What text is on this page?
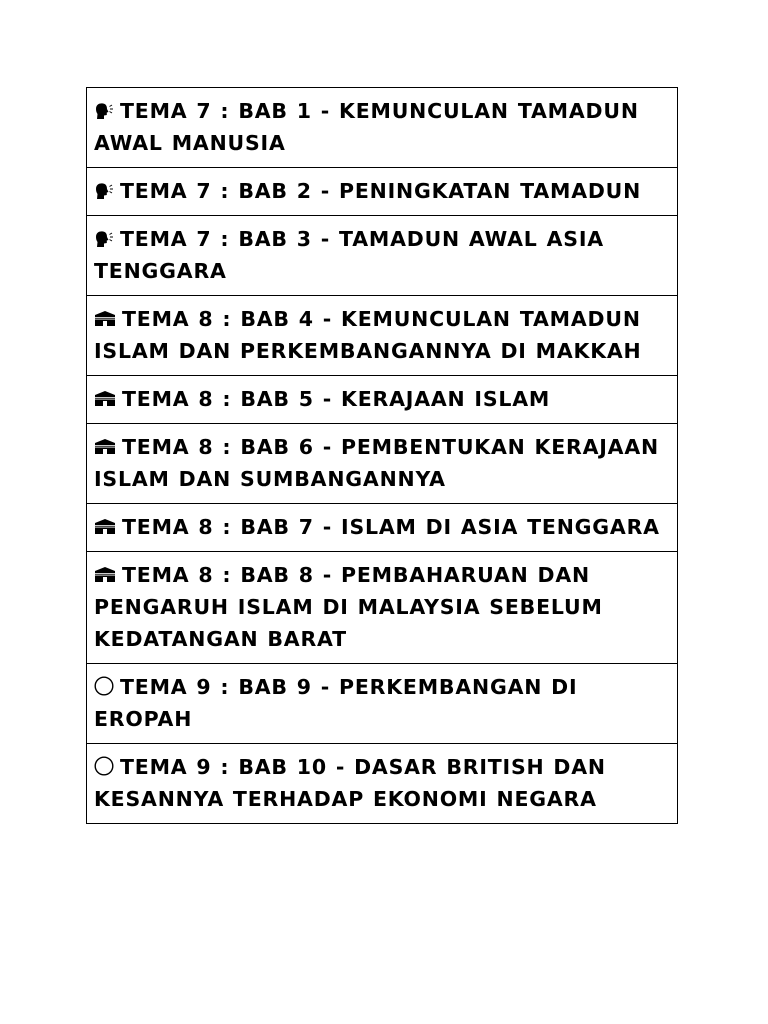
TEMA 7 : BAB 1 - KEMUNCULAN TAMADUN AWAL MANUSIA

TEMA 7 : BAB 2 - PENINGKATAN TAMADUN

TEMA 7 : BAB 3 - TAMADUN AWAL ASIA TENGGARA

TEMA 8 : BAB 4 - KEMUNCULAN TAMADUN ISLAM DAN PERKEMBANGANNYA DI MAKKAH

TEMA 8 : BAB 5 - KERAJAAN ISLAM

TEMA 8 : BAB 6 - PEMBENTUKAN KERAJAAN ISLAM DAN SUMBANGANNYA

TEMA 8 : BAB 7 - ISLAM DI ASIA TENGGARA

TEMA 8 : BAB 8 - PEMBAHARUAN DAN PENGARUH ISLAM DI MALAYSIA SEBELUM KEDATANGAN BARAT

TEMA 9 : BAB 9 - PERKEMBANGAN DI EROPAH

TEMA 9 : BAB 10 - DASAR BRITISH DAN KESANNYA TERHADAP EKONOMI NEGARA
